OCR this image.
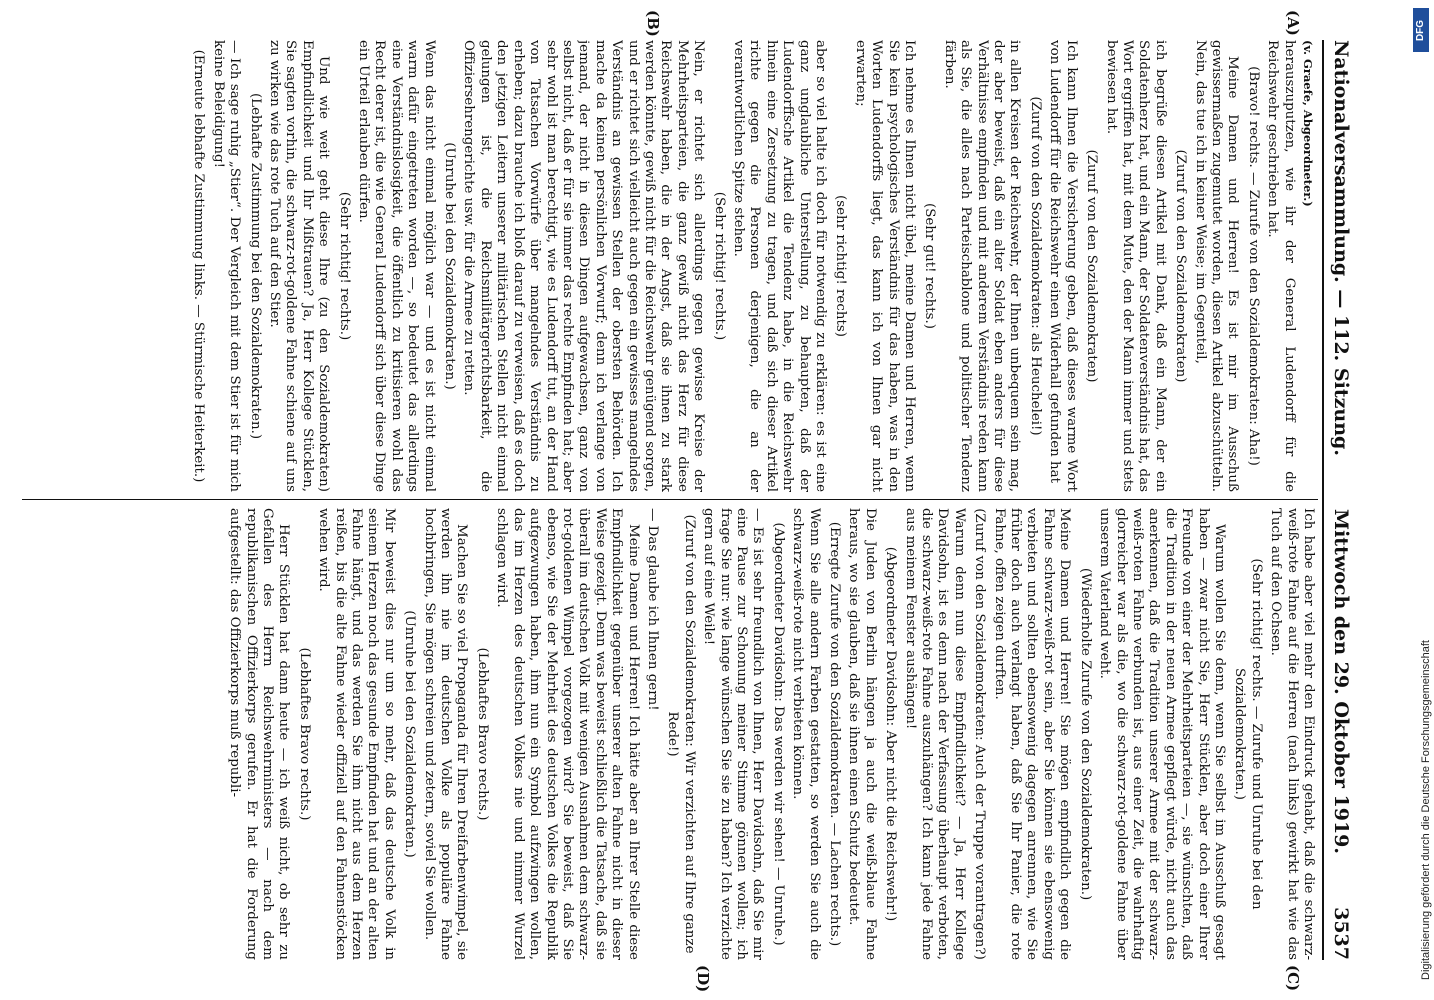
Nationalversammlung. — 112. Sitzung.
Mittwoch den 29. Oktober 1919.
3537

(v. Graefe, Abgeordneter.)

herauszuputzen, wie ihr der General Ludendorff für die Reichswehr geschrieben hat.

(Bravo! rechts. — Zurufe von den Sozialdemokraten: Aha!)

Meine Damen und Herren! Es ist mir im Ausschuß gewissermaßen zugemutet worden, diesen Artikel abzuschütteln. Nein, das tue ich in keiner Weise; im Gegenteil,

(Zuruf von den Sozialdemokraten)

ich begrüße diesen Artikel mit Dank, daß ein Mann, der ein Soldatenherz hat, und ein Mann, der Soldatenverständnis hat, das Wort ergriffen hat, mit dem Mute, den der Mann immer und stets bewiesen hat.

(Zuruf von den Sozialdemokraten)

Ich kann Ihnen die Versicherung geben, daß dieses warme Wort von Ludendorff für die Reichswehr einen Widerhall gefunden hat

(Zuruf von den Sozialdemokraten: als Heuchelei!)

in allen Kreisen der Reichswehr, der Ihnen unbequem sein mag, der aber beweist, daß ein alter Soldat eben anders für diese Verhältnisse empfinden und mit anderem Verständnis reden kann als Sie, die alles nach Parteischablone und politischer Tendenz färben.

(Sehr gut! rechts.)

Ich nehme es Ihnen nicht übel, meine Damen und Herren, wenn Sie kein psychologisches Verständnis für das haben, was in den Worten Ludendorffs liegt, das kann ich von Ihnen gar nicht erwarten;

(sehr richtig! rechts)

aber so viel halte ich doch für notwendig zu erklären: es ist eine ganz unglaubliche Unterstellung, zu behaupten, daß der Ludendorffsche Artikel die Tendenz habe, in die Reichswehr hinein eine Zersetzung zu tragen, und daß sich dieser Artikel richte gegen die Personen derjenigen, die an der verantwortlichen Spitze stehen.

(Sehr richtig! rechts.)

Nein, er richtet sich allerdings gegen gewisse Kreise der Mehrheitsparteien, die ganz gewiß nicht das Herz für diese Reichswehr haben, die in der Angst, daß sie ihnen zu stark werden könnte, gewiß nicht für die Reichswehr genügend sorgen, und er richtet sich vielleicht auch gegen ein gewisses mangelndes Verständnis an gewissen Stellen der obersten Behörden. Ich mache da keinen persönlichen Vorwurf; denn ich verlange von jemand, der nicht in diesen Dingen aufgewachsen, ganz von selbst nicht, daß er für sie immer das rechte Empfinden hat; aber sehr wohl ist man berechtigt, wie es Ludendorff tut, an der Hand von Tatsachen Vorwürfe über mangelndes Verständnis zu erheben; dazu brauche ich bloß darauf zu verweisen, daß es doch den jetzigen Leitern unserer militärischen Stellen nicht einmal gelungen ist, die Reichsmilitärgerichtsbarkeit, die Offiziersehrengerichte usw. für die Armee zu retten.

(Unruhe bei den Sozialdemokraten.)

Wenn das nicht einmal möglich war — und es ist nicht einmal warm dafür eingetreten worden —, so bedeutet das allerdings eine Verständnislosigkeit, die öffentlich zu kritisieren wohl das Recht derer ist, die wie General Ludendorff sich über diese Dinge ein Urteil erlauben dürfen.

(Sehr richtig! rechts.)

Und wie weit geht diese Ihre (zu den Sozialdemokraten) Empfindlichkeit und Ihr Mißtrauen? Ja, Herr Kollege Stücklen, Sie sagten vorhin, die schwarz-rot-goldene Fahne schiene auf uns zu wirken wie das rote Tuch auf den Stier.

(Lebhafte Zustimmung bei den Sozialdemokraten.)

— Ich sage ruhig „Stier“. Der Vergleich mit dem Stier ist für mich keine Beleidigung!

(Erneute lebhafte Zustimmung links. — Stürmische Heiterkeit.)

Ich habe aber viel mehr den Eindruck gehabt, daß die schwarz-weiß-rote Fahne auf die Herren (nach links) gewirkt hat wie das Tuch auf den Ochsen.

(Sehr richtig! rechts. — Zurufe und Unruhe bei den Sozialdemokraten.)

Warum wollen Sie denn, wenn Sie selbst im Ausschuß gesagt haben — zwar nicht Sie, Herr Stücklen, aber doch einer Ihrer Freunde von einer der Mehrheitsparteien —, sie wünschten, daß die Tradition in der neuen Armee gepflegt würde, nicht auch das anerkennen, daß die Tradition unserer Armee mit der schwarz-weiß-roten Fahne verbunden ist, aus einer Zeit, die wahrhaftig glorreicher war als die, wo die schwarz-rot-goldene Fahne über unserem Vaterland weht.

(Wiederholte Zurufe von den Sozialdemokraten.)

Meine Damen und Herren! Sie mögen empfindlich gegen die Fahne schwarz-weiß-rot sein, aber Sie können sie ebensowenig verbieten und sollten ebensowenig dagegen anrennen, wie Sie früher doch auch verlangt haben, daß Sie Ihr Panier, die rote Fahne, offen zeigen durften.

(Zuruf von den Sozialdemokraten: Auch der Truppe vorantragen?)

Warum denn nun diese Empfindlichkeit? — Ja, Herr Kollege Davidsohn, ist es denn nach der Verfassung überhaupt verboten, die schwarz-weiß-rote Fahne auszuhängen? Ich kann jede Fahne aus meinem Fenster aushängen!

(Abgeordneter Davidsohn: Aber nicht die Reichswehr!)

Die Juden von Berlin hängen ja auch die weiß-blaue Fahne heraus, wo sie glauben, daß sie ihnen einen Schutz bedeutet.

(Erregte Zurufe von den Sozialdemokraten. — Lachen rechts.)

Wenn Sie alle andern Farben gestatten, so werden Sie auch die schwarz-weiß-rote nicht verbieten können.

(Abgeordneter Davidsohn: Das werden wir sehen! — Unruhe.)

— Es ist sehr freundlich von Ihnen, Herr Davidsohn, daß Sie mir eine Pause zur Schonung meiner Stimme gönnen wollen; ich frage Sie nur: wie lange wünschen Sie sie zu haben? Ich verzichte gern auf eine Weile!

(Zuruf von den Sozialdemokraten: Wir verzichten auf Ihre ganze Rede!)

— Das glaube ich Ihnen gern!

Meine Damen und Herren! Ich hätte aber an Ihrer Stelle diese Empfindlichkeit gegenüber unserer alten Fahne nicht in dieser Weise gezeigt. Denn was beweist schließlich die Tatsache, daß sie überall im deutschen Volk mit wenigen Ausnahmen dem schwarz-rot-goldenen Wimpel vorgezogen wird? Sie beweist, daß Sie ebenso, wie Sie der Mehrheit des deutschen Volkes die Republik aufgezwungen haben, ihm nun ein Symbol aufzwingen wollen, das im Herzen des deutschen Volkes nie und nimmer Wurzel schlagen wird.

(Lebhaftes Bravo rechts.)

Machen Sie so viel Propaganda für Ihren Dreifarbenwimpel, sie werden ihn nie im deutschen Volke als populäre Fahne hochbringen, Sie mögen schreien und zetern, soviel Sie wollen.

(Unruhe bei den Sozialdemokraten.)

Mir beweist dies nur um so mehr, daß das deutsche Volk in seinem Herzen noch das gesunde Empfinden hat und an der alten Fahne hängt, und das werden Sie ihm nicht aus dem Herzen reißen, bis die alte Fahne wieder offiziell auf den Fahnenstöcken wehen wird.

(Lebhaftes Bravo rechts.)

Herr Stücklen hat dann heute — ich weiß nicht, ob sehr zu Gefallen des Herrn Reichswehrministers — nach dem republikanischen Offizierkorps gerufen. Er hat die Forderung aufgestellt: das Offizierkorps muß republi-

(A)
(B)
(C)
(D)	Digitalisierung gefördert durch die Deutsche Forschungsgemeinschaft
DFG
